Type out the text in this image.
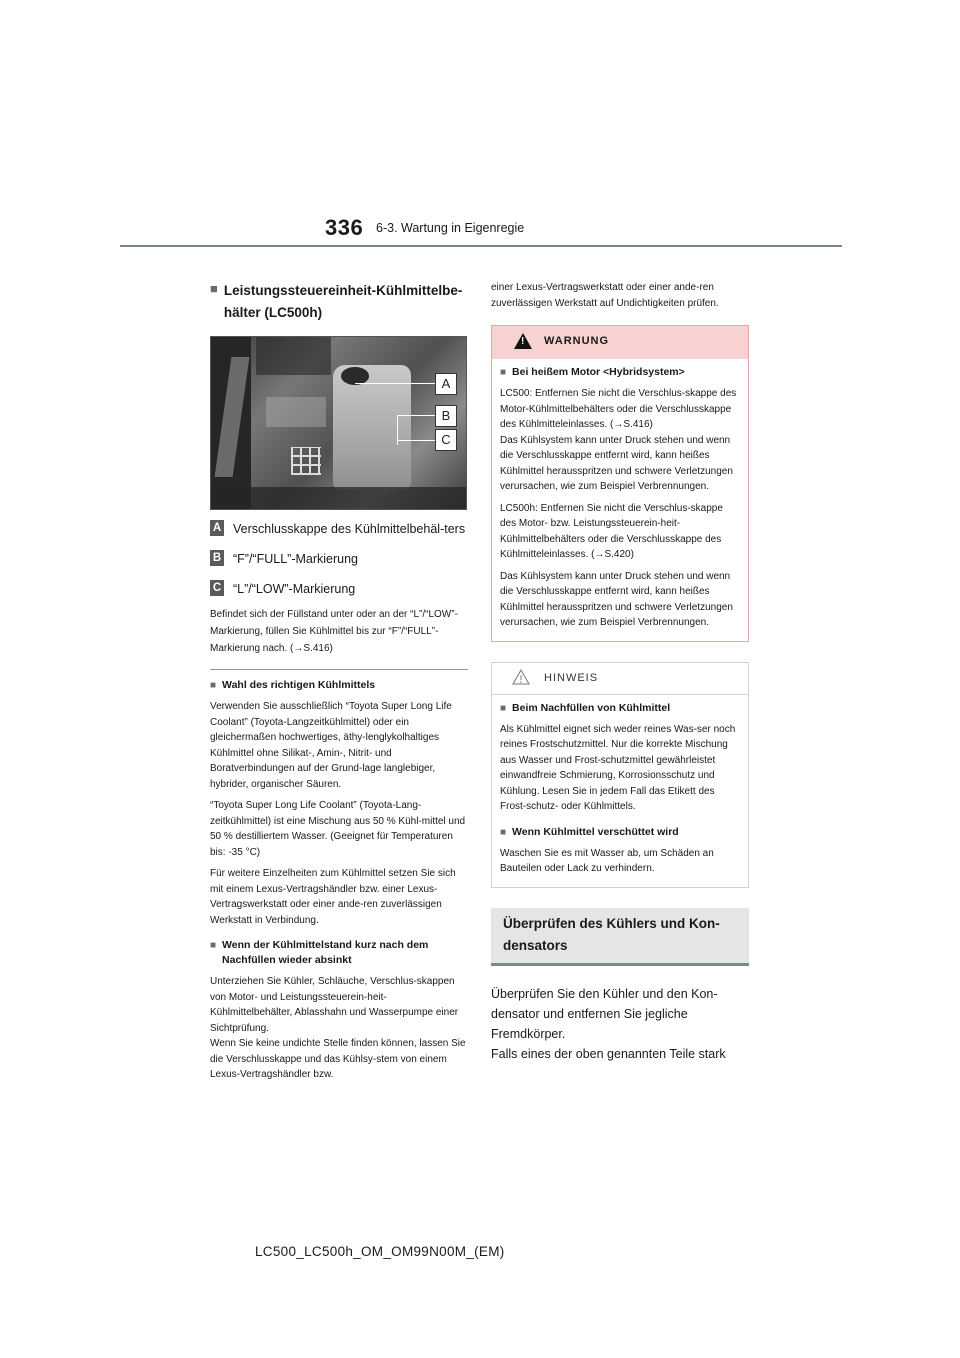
336 6-3. Wartung in Eigenregie
■ Leistungssteuereinheit-Kühlmittelbe-hälter (LC500h)
A
B
C
A Verschlusskappe des Kühlmittelbehäl-ters
B “F”/“FULL”-Markierung
C “L”/“LOW”-Markierung
Befindet sich der Füllstand unter oder an der “L”/“LOW”-Markierung, füllen Sie Kühlmittel bis zur “F”/“FULL”-Markierung nach. (→S.416)
■ Wahl des richtigen Kühlmittels
Verwenden Sie ausschließlich “Toyota Super Long Life Coolant” (Toyota-Langzeitkühlmittel) oder ein gleichermaßen hochwertiges, äthy-lenglykolhaltiges Kühlmittel ohne Silikat-, Amin-, Nitrit- und Boratverbindungen auf der Grund-lage langlebiger, hybrider, organischer Säuren.
“Toyota Super Long Life Coolant” (Toyota-Lang-zeitkühlmittel) ist eine Mischung aus 50 % Kühl-mittel und 50 % destilliertem Wasser. (Geeignet für Temperaturen bis: -35 °C)
Für weitere Einzelheiten zum Kühlmittel setzen Sie sich mit einem Lexus-Vertragshändler bzw. einer Lexus-Vertragswerkstatt oder einer ande-ren zuverlässigen Werkstatt in Verbindung.
■ Wenn der Kühlmittelstand kurz nach dem Nachfüllen wieder absinkt
Unterziehen Sie Kühler, Schläuche, Verschlus-skappen von Motor- und Leistungssteuerein-heit-Kühlmittelbehälter, Ablasshahn und Wasserpumpe einer Sichtprüfung.
Wenn Sie keine undichte Stelle finden können, lassen Sie die Verschlusskappe und das Kühlsy-stem von einem Lexus-Vertragshändler bzw.
einer Lexus-Vertragswerkstatt oder einer ande-ren zuverlässigen Werkstatt auf Undichtigkeiten prüfen.
!
WARNUNG
■ Bei heißem Motor <Hybridsystem>
LC500: Entfernen Sie nicht die Verschlus-skappe des Motor-Kühlmittelbehälters oder die Verschlusskappe des Kühlmitteleinlasses. (→S.416)
Das Kühlsystem kann unter Druck stehen und wenn die Verschlusskappe entfernt wird, kann heißes Kühlmittel herausspritzen und schwere Verletzungen verursachen, wie zum Beispiel Verbrennungen.
LC500h: Entfernen Sie nicht die Verschlus-skappe des Motor- bzw. Leistungssteuerein-heit-Kühlmittelbehälters oder die Verschlusskappe des Kühlmitteleinlasses. (→S.420)
Das Kühlsystem kann unter Druck stehen und wenn die Verschlusskappe entfernt wird, kann heißes Kühlmittel herausspritzen und schwere Verletzungen verursachen, wie zum Beispiel Verbrennungen.
HINWEIS
■ Beim Nachfüllen von Kühlmittel
Als Kühlmittel eignet sich weder reines Was-ser noch reines Frostschutzmittel. Nur die korrekte Mischung aus Wasser und Frost-schutzmittel gewährleistet einwandfreie Schmierung, Korrosionsschutz und Kühlung. Lesen Sie in jedem Fall das Etikett des Frost-schutz- oder Kühlmittels.
■ Wenn Kühlmittel verschüttet wird
Waschen Sie es mit Wasser ab, um Schäden an Bauteilen oder Lack zu verhindern.
Überprüfen des Kühlers und Kon-densators
Überprüfen Sie den Kühler und den Kon-densator und entfernen Sie jegliche Fremdkörper.
Falls eines der oben genannten Teile stark
LC500_LC500h_OM_OM99N00M_(EM)
